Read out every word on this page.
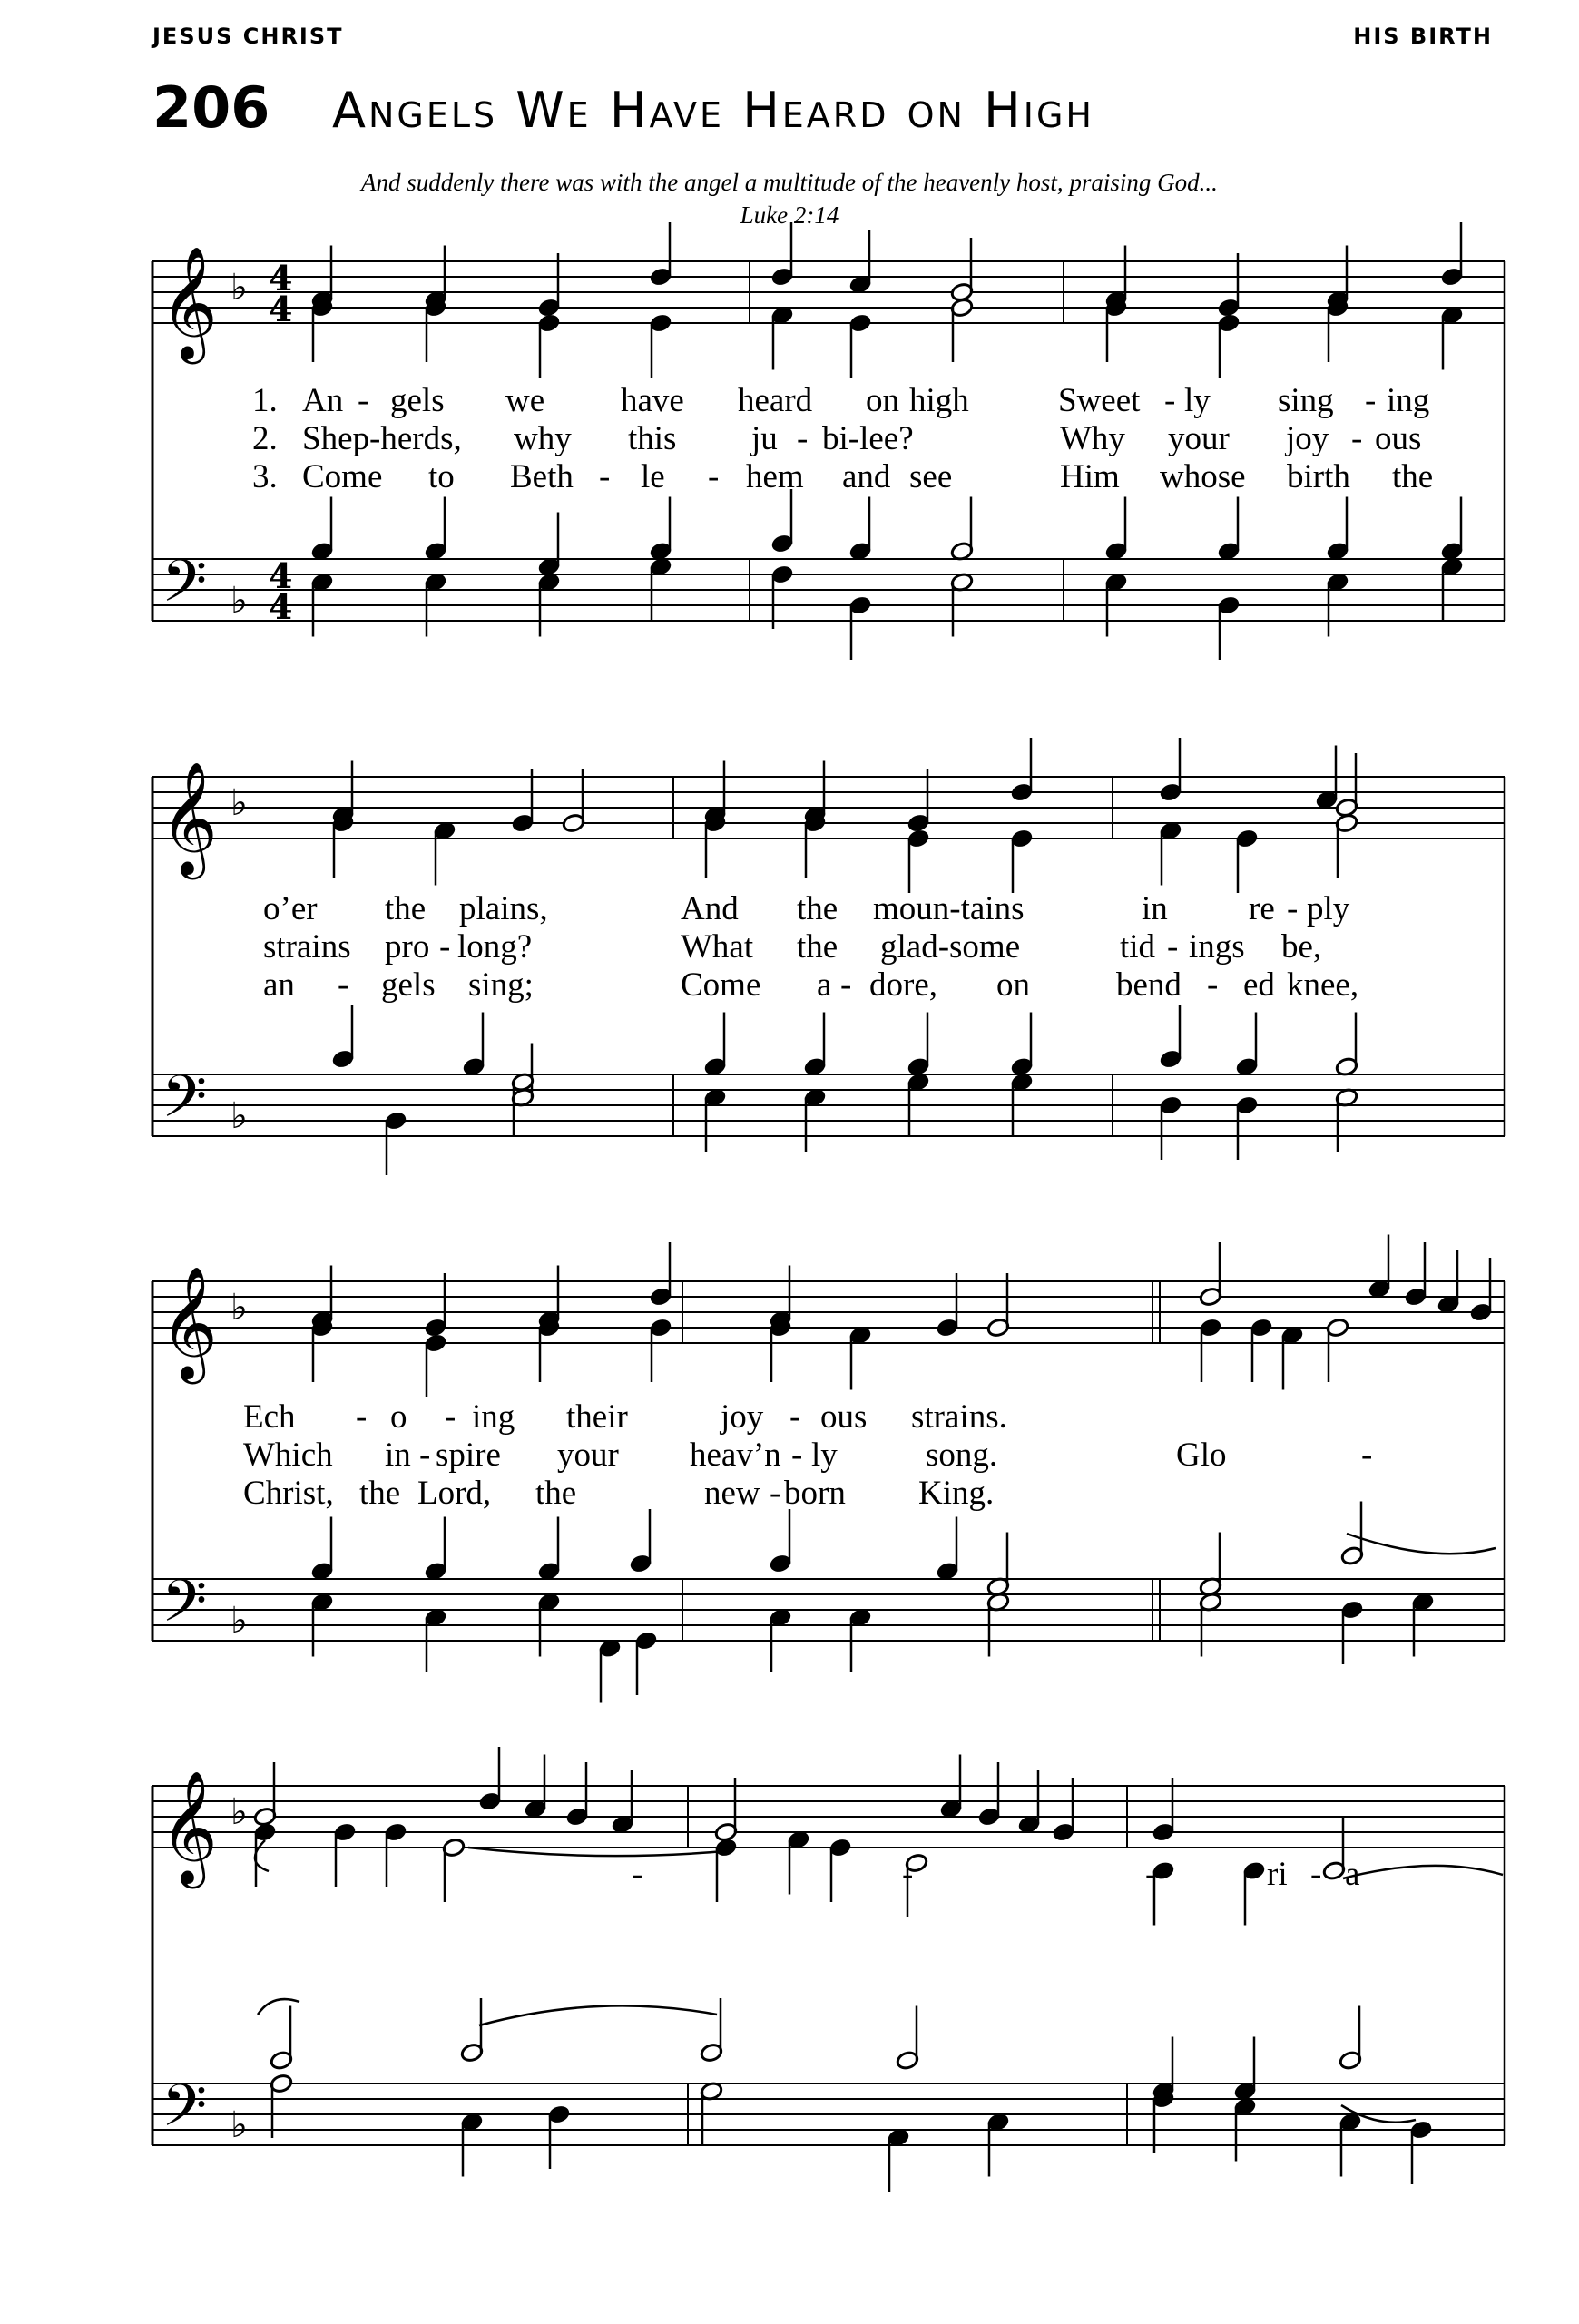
JESUS CHRIST	HIS BIRTH
206 Angels We Have Heard on High
And suddenly there was with the angel a multitude of the heavenly host, praising God...
Luke 2:14
𝄞
𝄢
♭
♭
4
4
4
4
𝄞
𝄢
♭
♭
𝄞
𝄢
♭
♭
𝄞
𝄢
♭
♭
1. An - gels we have heard on high	Sweet - ly sing - ing
2. Shep-herds, why this ju - bi-lee?	Why your joy - ous
3. Come to Beth - le - hem and see	Him whose birth the
o’er the plains,	And the moun-tains	in re - ply
strains pro - long?	What the glad-some	tid - ings be,
an - gels sing;	Come a - dore, on	bend - ed knee,
Ech - o - ing their	joy - ous strains.
Which in - spire your heav’n - ly	song.	Glo	-
Christ, the Lord, the	new - born King.
-	-	-	ri - a
